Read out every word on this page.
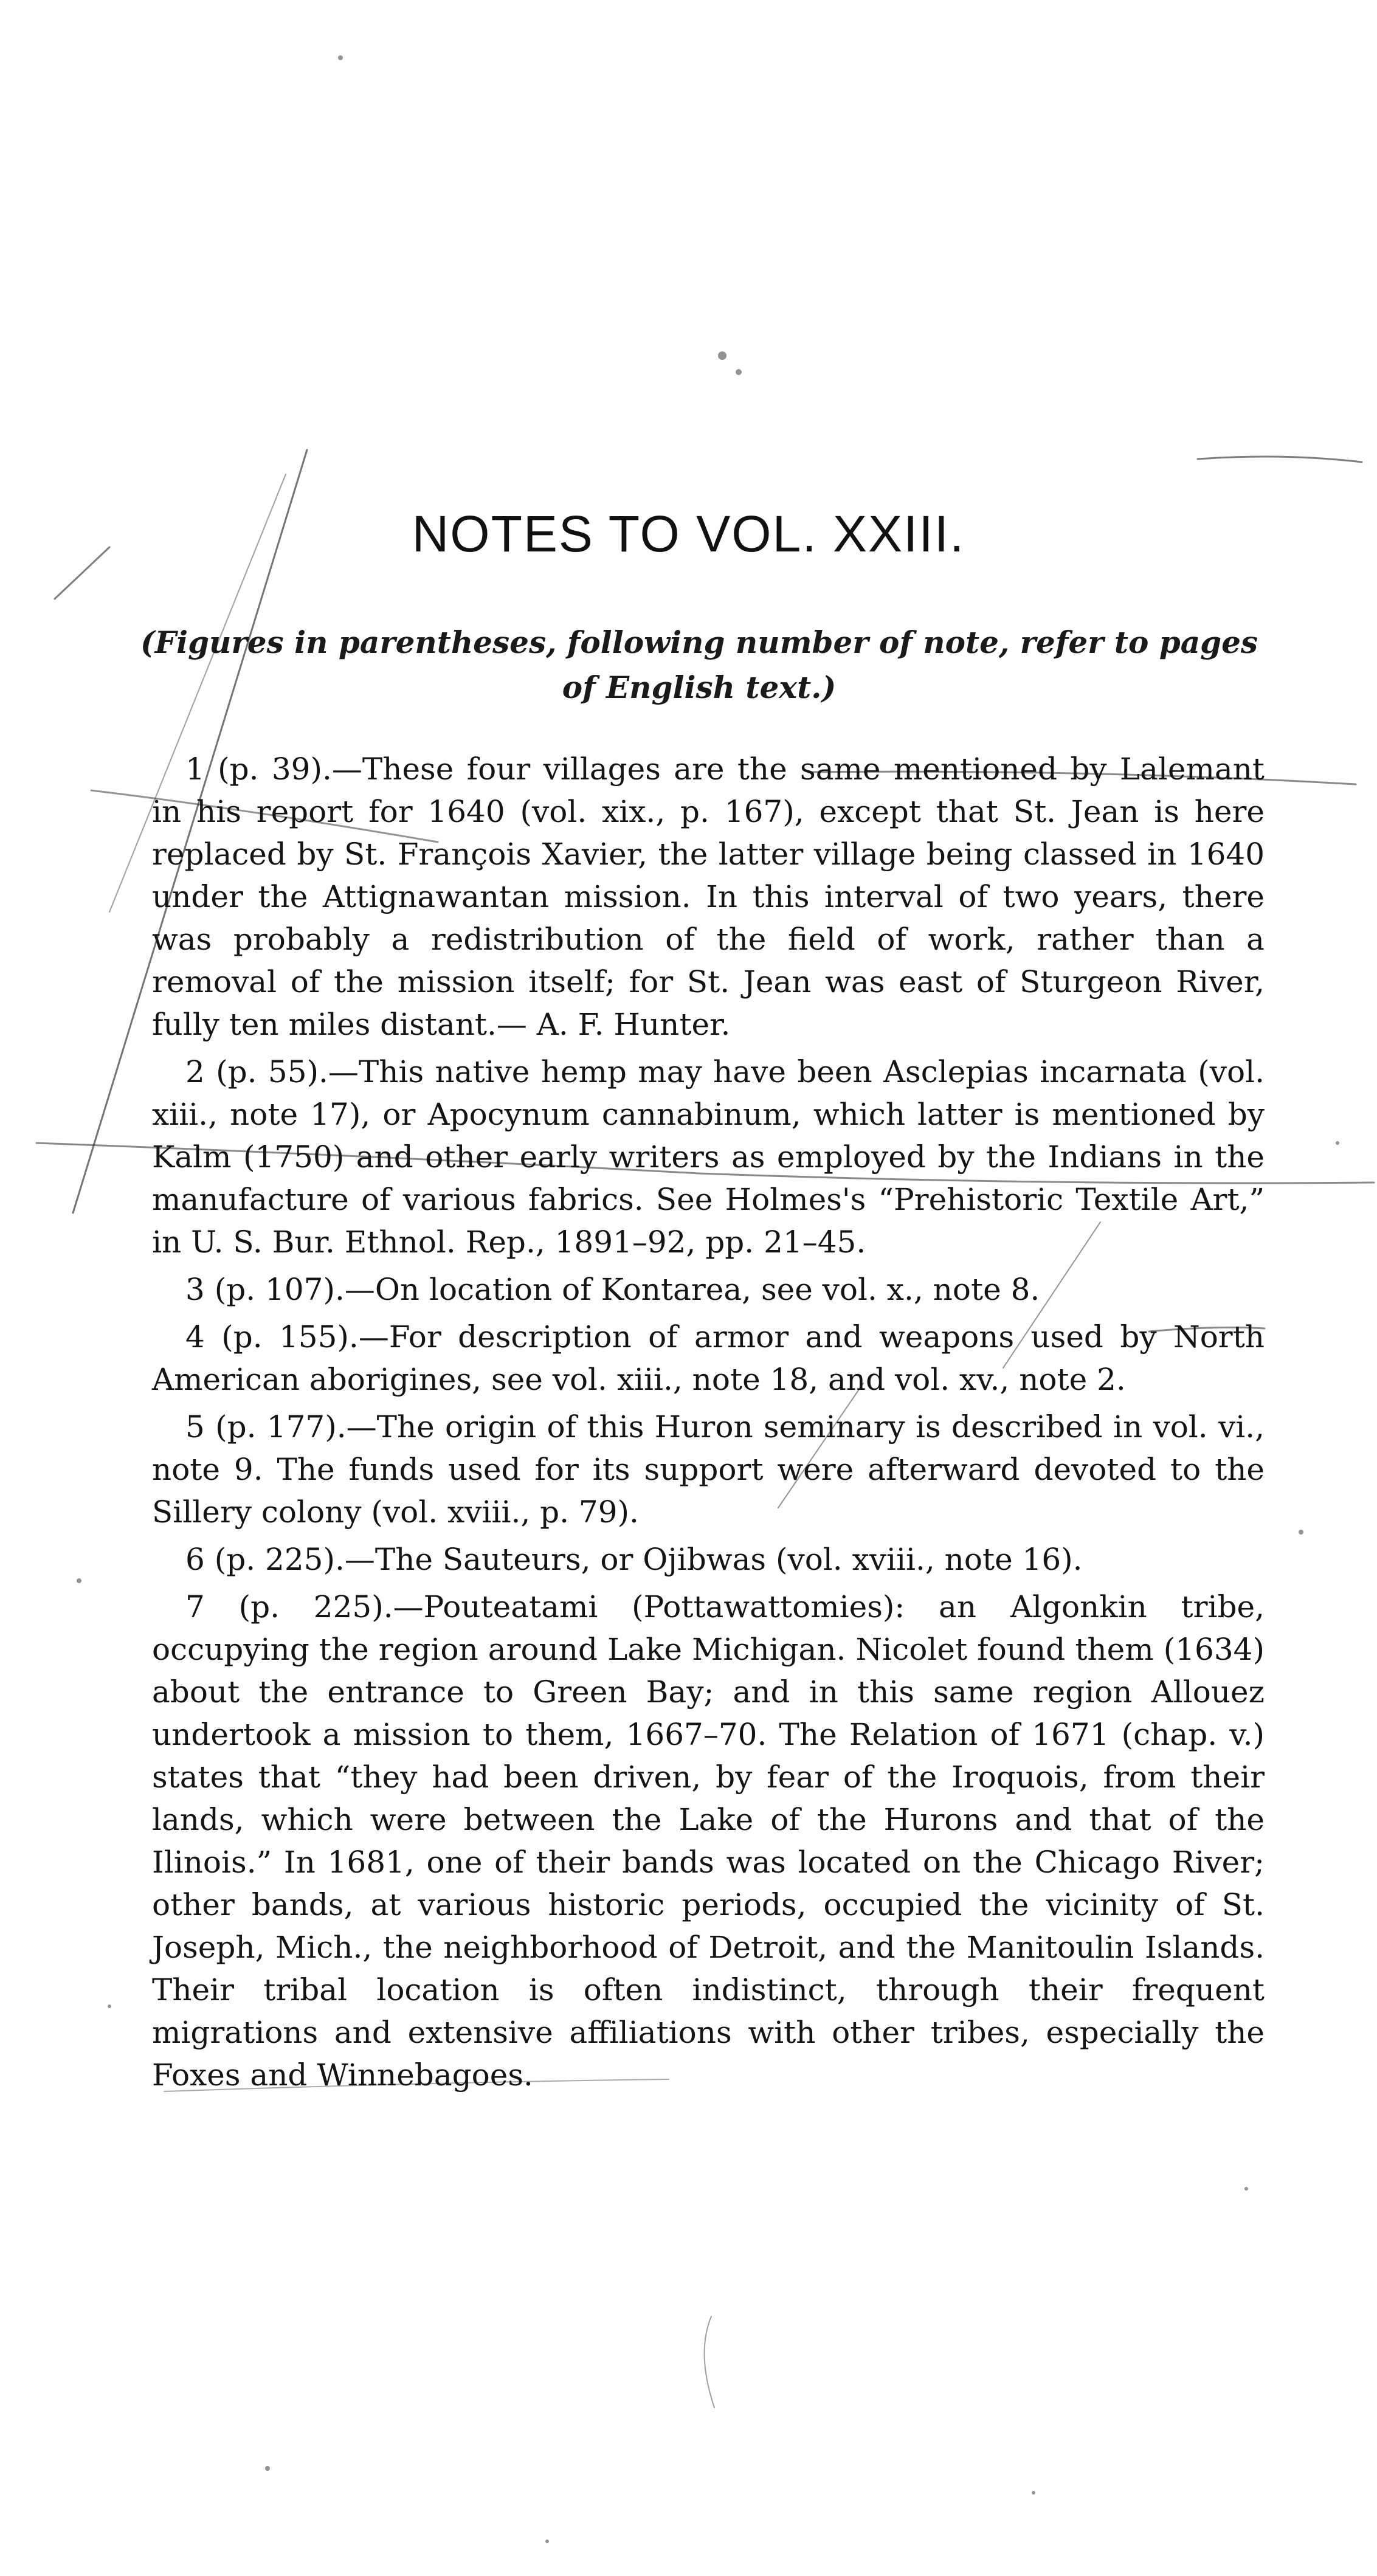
NOTES TO VOL. XXIII.
(Figures in parentheses, following number of note, refer to pages of English text.)

1 (p. 39).—These four villages are the same mentioned by Lalemant in his report for 1640 (vol. xix., p. 167), except that St. Jean is here replaced by St. François Xavier, the latter village being classed in 1640 under the Attignawantan mission. In this interval of two years, there was probably a redistribution of the field of work, rather than a removal of the mission itself; for St. Jean was east of Sturgeon River, fully ten miles distant.— A. F. Hunter.

2 (p. 55).—This native hemp may have been Asclepias incarnata (vol. xiii., note 17), or Apocynum cannabinum, which latter is mentioned by Kalm (1750) and other early writers as employed by the Indians in the manufacture of various fabrics. See Holmes's “Prehistoric Textile Art,” in U. S. Bur. Ethnol. Rep., 1891–92, pp. 21–45.

3 (p. 107).—On location of Kontarea, see vol. x., note 8.

4 (p. 155).—For description of armor and weapons used by North American aborigines, see vol. xiii., note 18, and vol. xv., note 2.

5 (p. 177).—The origin of this Huron seminary is described in vol. vi., note 9. The funds used for its support were afterward devoted to the Sillery colony (vol. xviii., p. 79).

6 (p. 225).—The Sauteurs, or Ojibwas (vol. xviii., note 16).

7 (p. 225).—Pouteatami (Pottawattomies): an Algonkin tribe, occupying the region around Lake Michigan. Nicolet found them (1634) about the entrance to Green Bay; and in this same region Allouez undertook a mission to them, 1667–70. The Relation of 1671 (chap. v.) states that “they had been driven, by fear of the Iroquois, from their lands, which were between the Lake of the Hurons and that of the Ilinois.” In 1681, one of their bands was located on the Chicago River; other bands, at various historic periods, occupied the vicinity of St. Joseph, Mich., the neighborhood of Detroit, and the Manitoulin Islands. Their tribal location is often indistinct, through their frequent migrations and extensive affiliations with other tribes, especially the Foxes and Winnebagoes.
